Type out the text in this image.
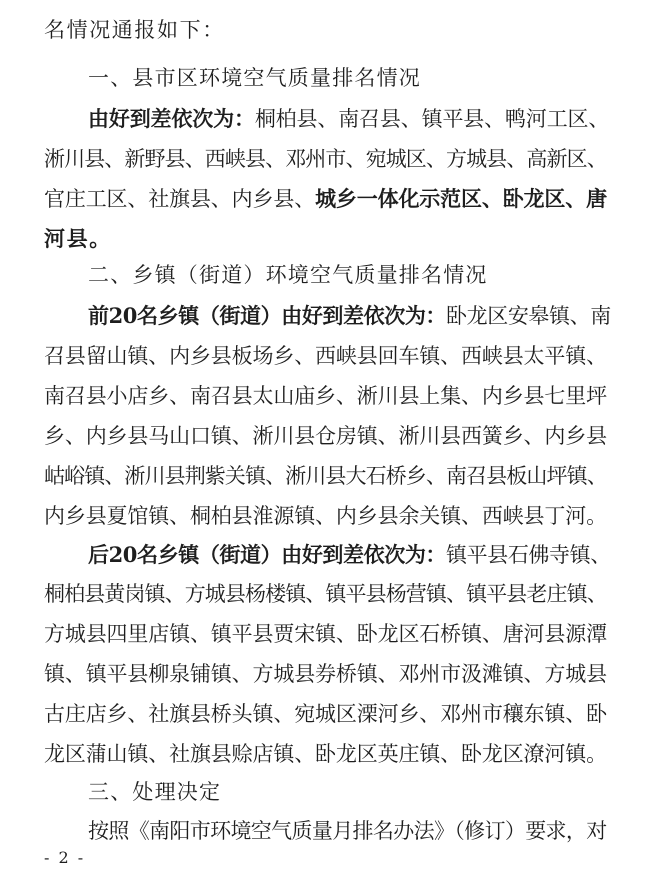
名情况通报如下：
一、县市区环境空气质量排名情况
由好到差依次为：桐柏县、南召县、镇平县、鸭河工区、
淅川县、新野县、西峡县、邓州市、宛城区、方城县、高新区、
官庄工区、社旗县、内乡县、城乡一体化示范区、卧龙区、唐
河县。
二、乡镇（街道）环境空气质量排名情况
前20名乡镇（街道）由好到差依次为：卧龙区安皋镇、南
召县留山镇、内乡县板场乡、西峡县回车镇、西峡县太平镇、
南召县小店乡、南召县太山庙乡、淅川县上集、内乡县七里坪
乡、内乡县马山口镇、淅川县仓房镇、淅川县西簧乡、内乡县
岵峪镇、淅川县荆紫关镇、淅川县大石桥乡、南召县板山坪镇、
内乡县夏馆镇、桐柏县淮源镇、内乡县余关镇、西峡县丁河。
后20名乡镇（街道）由好到差依次为：镇平县石佛寺镇、
桐柏县黄岗镇、方城县杨楼镇、镇平县杨营镇、镇平县老庄镇、
方城县四里店镇、镇平县贾宋镇、卧龙区石桥镇、唐河县源潭
镇、镇平县柳泉铺镇、方城县券桥镇、邓州市汲滩镇、方城县
古庄店乡、社旗县桥头镇、宛城区溧河乡、邓州市穰东镇、卧
龙区蒲山镇、社旗县赊店镇、卧龙区英庄镇、卧龙区潦河镇。
三、处理决定
按照《南阳市环境空气质量月排名办法》（修订）要求，对
- 2 -
